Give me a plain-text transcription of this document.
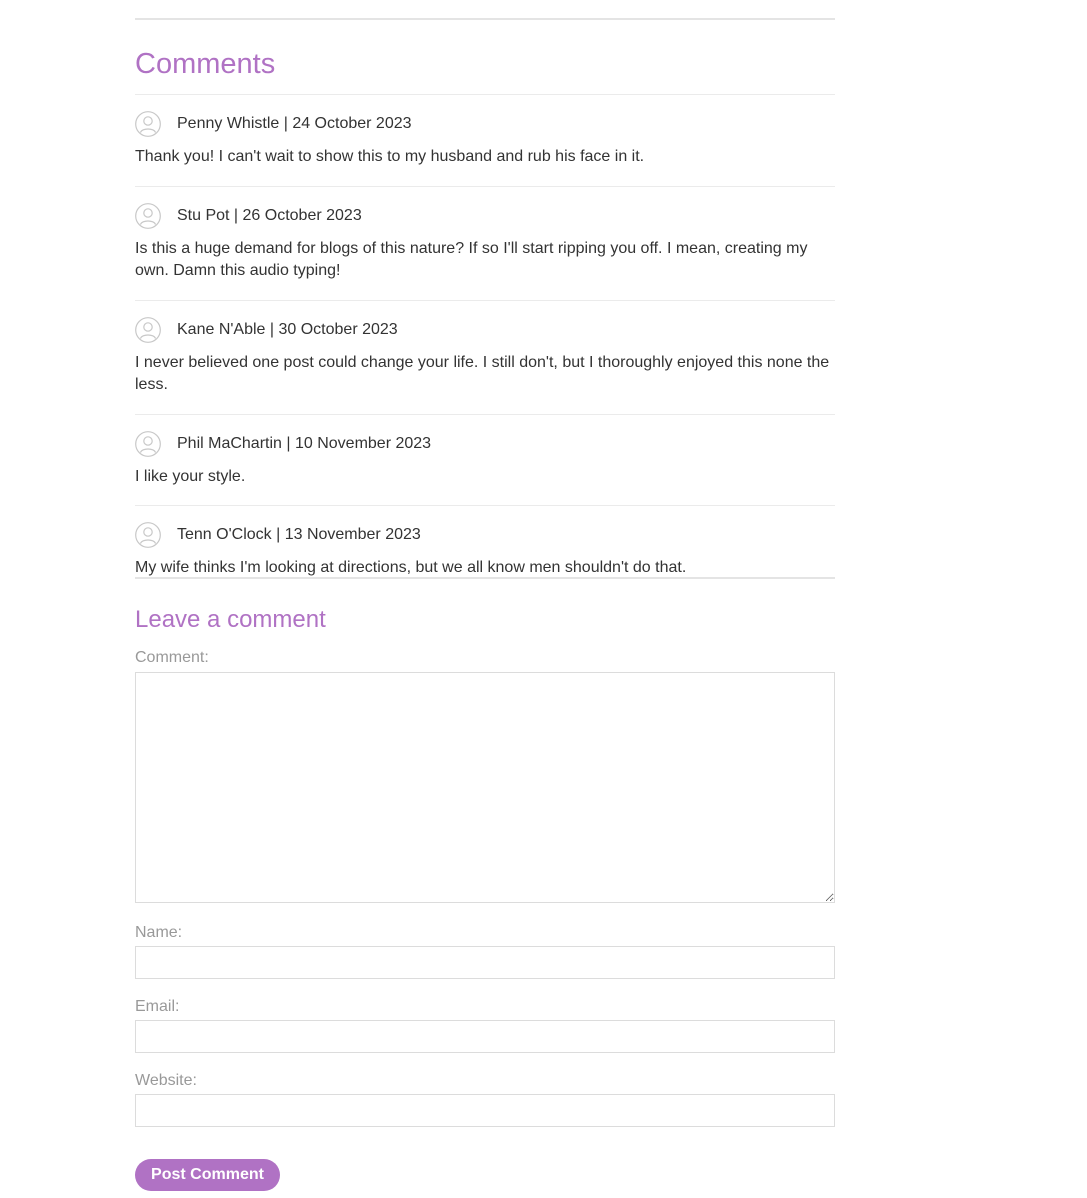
Comments
Penny Whistle | 24 October 2023
Thank you! I can't wait to show this to my husband and rub his face in it.
Stu Pot | 26 October 2023
Is this a huge demand for blogs of this nature? If so I'll start ripping you off. I mean, creating my own. Damn this audio typing!
Kane N'Able | 30 October 2023
I never believed one post could change your life. I still don't, but I thoroughly enjoyed this none the less.
Phil MaChartin | 10 November 2023
I like your style.
Tenn O'Clock | 13 November 2023
My wife thinks I'm looking at directions, but we all know men shouldn't do that.
Leave a comment
Comment:
Name:
Email:
Website:
Post Comment
